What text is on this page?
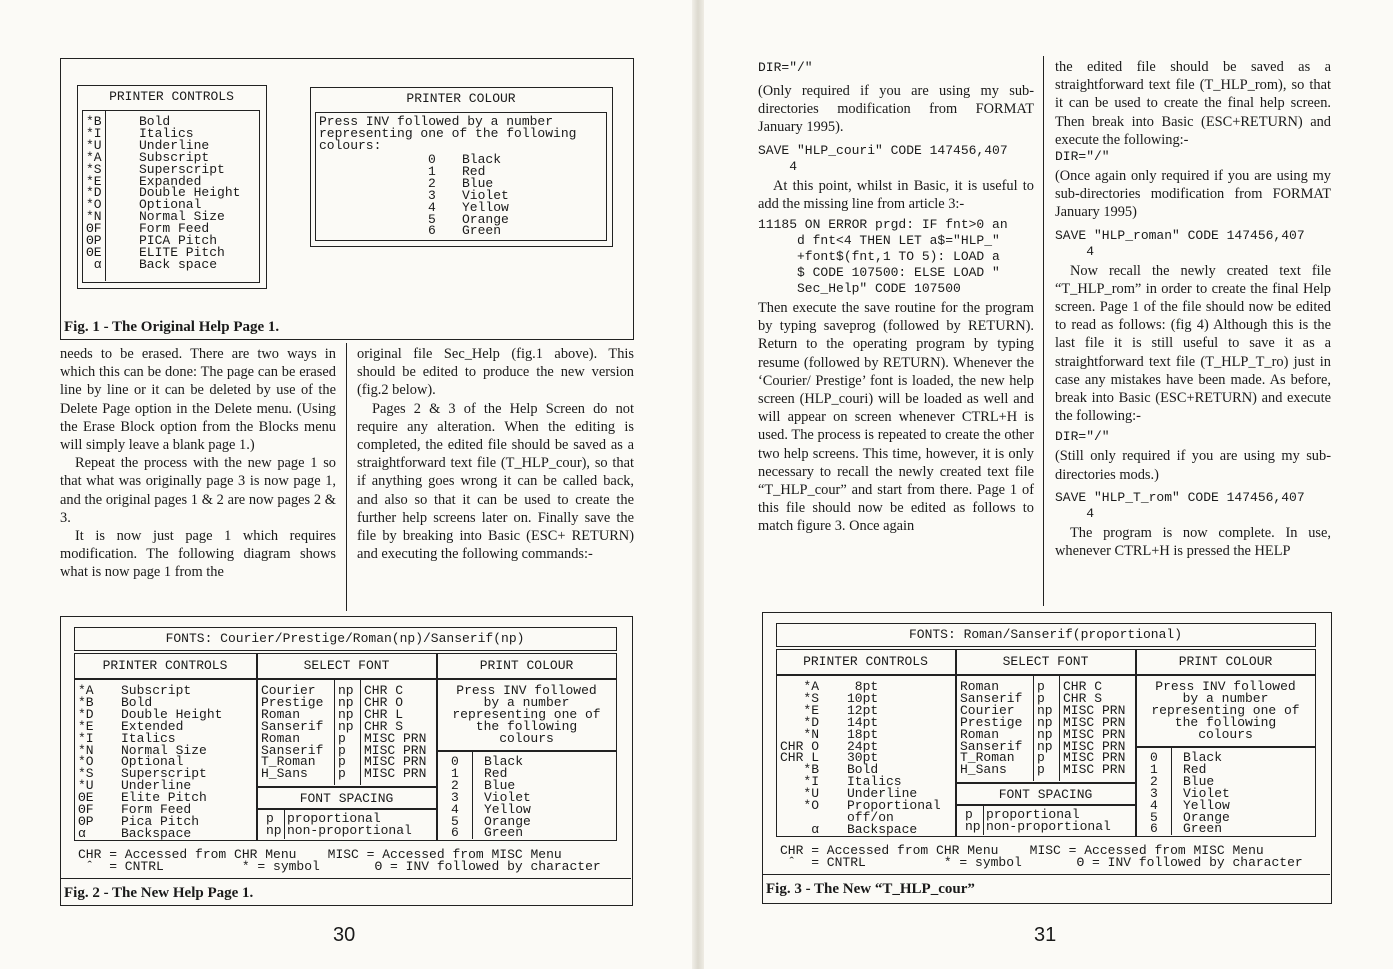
PRINTER CONTROLS
*B
*I
*U
*A
*S
*E
*D
*O
*N
ΘF
ΘP
ΘE
α
Bold
Italics
Underline
Subscript
Superscript
Expanded
Double Height
Optional
Normal Size
Form Feed
PICA Pitch
ELITE Pitch
Back space
PRINTER COLOUR
Press INV followed by a number
representing one of the following
colours:
0
1
2
3
4
5
6
Black
Red
Blue
Violet
Yellow
Orange
Green
Fig. 1 - The Original Help Page 1.

needs to be erased. There are two ways in which this can be done: The page can be erased line by line or it can be deleted by use of the Delete Page option in the Delete menu. (Using the Erase Block option from the Blocks menu will simply leave a blank page 1.)

Repeat the process with the new page 1 so that what was originally page 3 is now page 1, and the original pages 1 & 2 are now pages 2 & 3.

It is now just page 1 which requires modification. The following diagram shows what is now page 1 from the

original file Sec_Help (fig.1 above). This should be edited to produce the new version (fig.2 below).

Pages 2 & 3 of the Help Screen do not require any alteration. When the editing is completed, the edited file should be saved as a straightforward text file (T_HLP_cour), so that if anything goes wrong it can be called back, and also so that it can be used to create the further help screens later on. Finally save the file by breaking into Basic (ESC+ RETURN) and executing the following commands:-

FONTS: Courier/Prestige/Roman(np)/Sanserif(np)
PRINTER CONTROLS
*A
*B
*D
*E
*I
*N
*O
*S
*U
ΘE
ΘF
ΘP
α
Subscript
Bold
Double Height
Extended
Italics
Normal Size
Optional
Superscript
Underline
Elite Pitch
Form Feed
Pica Pitch
Backspace
SELECT FONT
Courier
Prestige
Roman
Sanserif
Roman
Sanserif
T_Roman
H_Sans
np
np
np
np
p
p
p
p
CHR C
CHR O
CHR L
CHR S
MISC PRN
MISC PRN
MISC PRN
MISC PRN
FONT SPACING
p
np
proportional
non-proportional
PRINT COLOUR
Press INV followed
by a number
representing one of
the following
colours
0
1
2
3
4
5
6
Black
Red
Blue
Violet
Yellow
Orange
Green
CHR = Accessed from CHR Menu    MISC = Accessed from MISC Menu
ˆ  = CNTRL          * = symbol       Θ = INV followed by character
Fig. 2 - The New Help Page 1.
30
DIR="/"

(Only required if you are using my sub-directories modification from FORMAT January 1995).

SAVE "HLP_couri" CODE 147456,407
4

At this point, whilst in Basic, it is useful to add the missing line from article 3:-

11185 ON ERROR prgd: IF fnt>0 an
d fnt<4 THEN LET a$="HLP_"
+font$(fnt,1 TO 5): LOAD a
$ CODE 107500: ELSE LOAD "
Sec_Help" CODE 107500

Then execute the save routine for the program by typing saveprog (followed by RETURN). Return to the operating program by typing resume (followed by RETURN). Whenever the ‘Courier/ Prestige’ font is loaded, the new help screen (HLP_couri) will be loaded as well and will appear on screen whenever CTRL+H is used. The process is repeated to create the other two help screens. This time, however, it is only necessary to recall the newly created text file “T_HLP_cour” and start from there. Page 1 of this file should now be edited as follows to match figure 3. Once again

the edited file should be saved as a straightforward text file (T_HLP_rom), so that it can be used to create the final help screen. Then break into Basic (ESC+RETURN) and execute the following:-

DIR="/"

(Once again only required if you are using my sub-directories modification from FORMAT January 1995)

SAVE "HLP_roman" CODE 147456,407
4

Now recall the newly created text file “T_HLP_rom” in order to create the final Help screen. Page 1 of the file should now be edited to read as follows: (fig 4) Although this is the last file it is still useful to save it as a straightforward text file (T_HLP_T_ro) just in case any mistakes have been made. As before, break into Basic (ESC+RETURN) and execute the following:-

DIR="/"

(Still only required if you are using my sub-directories mods.)

SAVE "HLP_T_rom" CODE 147456,407
4

The program is now complete. In use, whenever CTRL+H is pressed the HELP

FONTS: Roman/Sanserif(proportional)
PRINTER CONTROLS
*A
*S
*E
*D
*N
CHR O
CHR L
*B
*I
*U
*O

α
8pt
10pt
12pt
14pt
18pt
24pt
30pt
Bold
Italics
Underline
Proportional
off/on
Backspace
SELECT FONT
Roman
Sanserif
Courier
Prestige
Roman
Sanserif
T_Roman
H_Sans
p
p
np
np
np
np
p
p
CHR C
CHR S
MISC PRN
MISC PRN
MISC PRN
MISC PRN
MISC PRN
MISC PRN
FONT SPACING
p
np
proportional
non-proportional
PRINT COLOUR
Press INV followed
by a number
representing one of
the following
colours
0
1
2
3
4
5
6
Black
Red
Blue
Violet
Yellow
Orange
Green
CHR = Accessed from CHR Menu    MISC = Accessed from MISC Menu
ˆ  = CNTRL          * = symbol       Θ = INV followed by character
Fig. 3 - The New “T_HLP_cour”
31
